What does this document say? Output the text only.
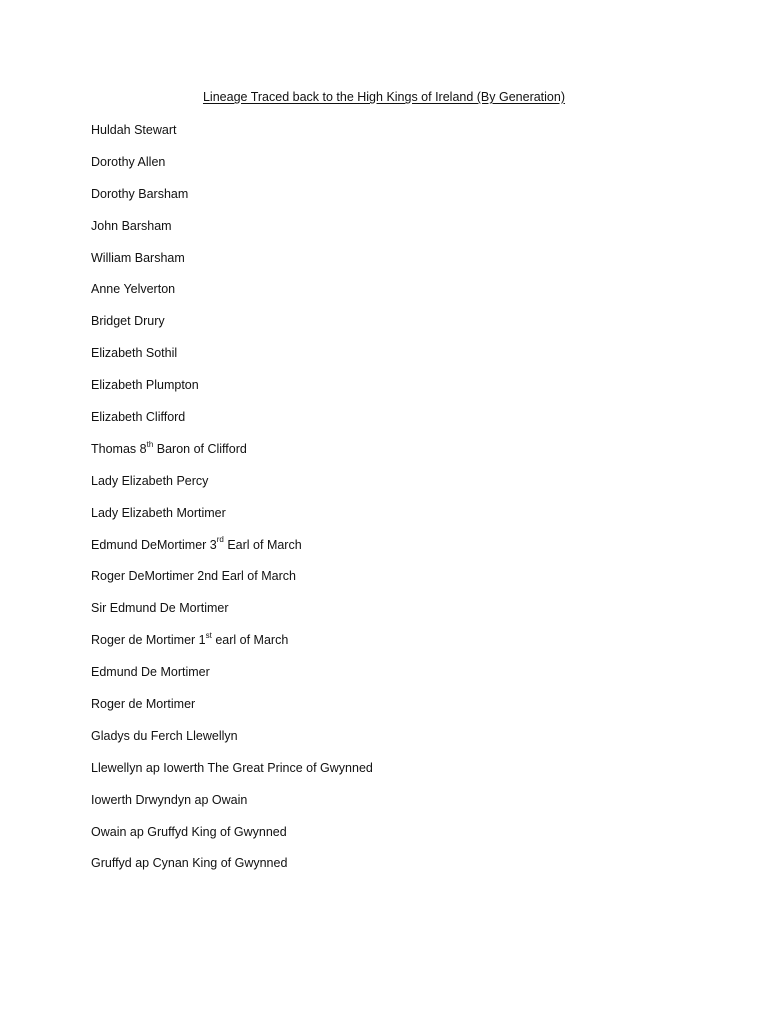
Lineage Traced back to the High Kings of Ireland (By Generation)
Huldah Stewart
Dorothy Allen
Dorothy Barsham
John Barsham
William Barsham
Anne Yelverton
Bridget Drury
Elizabeth Sothil
Elizabeth Plumpton
Elizabeth Clifford
Thomas 8th Baron of Clifford
Lady Elizabeth Percy
Lady Elizabeth Mortimer
Edmund DeMortimer 3rd Earl of March
Roger DeMortimer 2nd Earl of March
Sir Edmund De Mortimer
Roger de Mortimer 1st earl of March
Edmund De Mortimer
Roger de Mortimer
Gladys du Ferch Llewellyn
Llewellyn ap Iowerth The Great Prince of Gwynned
Iowerth Drwyndyn ap Owain
Owain ap Gruffyd King of Gwynned
Gruffyd ap Cynan King of Gwynned
